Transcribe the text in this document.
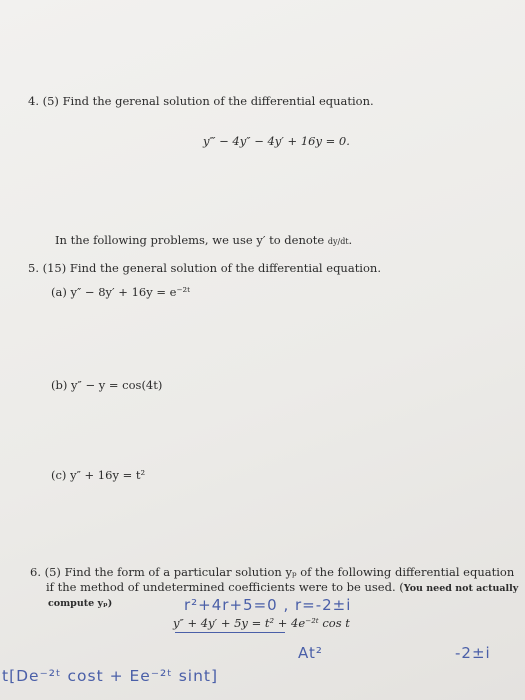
4. (5) Find the gerenal solution of the differential equation.
y‴ − 4y″ − 4y′ + 16y = 0.
In the following problems, we use y′ to denote dy/dt.
5. (15) Find the general solution of the differential equation.
(a) y″ − 8y′ + 16y = e⁻²ᵗ
(b) y″ − y = cos(4t)
(c) y″ + 16y = t²
6. (5) Find the form of a particular solution yₚ of the following differential equation
if the method of undetermined coefficients were to be used. (You need not actually
compute yₚ)
y″ + 4y′ + 5y = t² + 4e⁻²ᵗ cos t
r²+4r+5=0 , r=-2±i
At²	-2±i
t[De⁻²ᵗ cost + Ee⁻²ᵗ sint]
